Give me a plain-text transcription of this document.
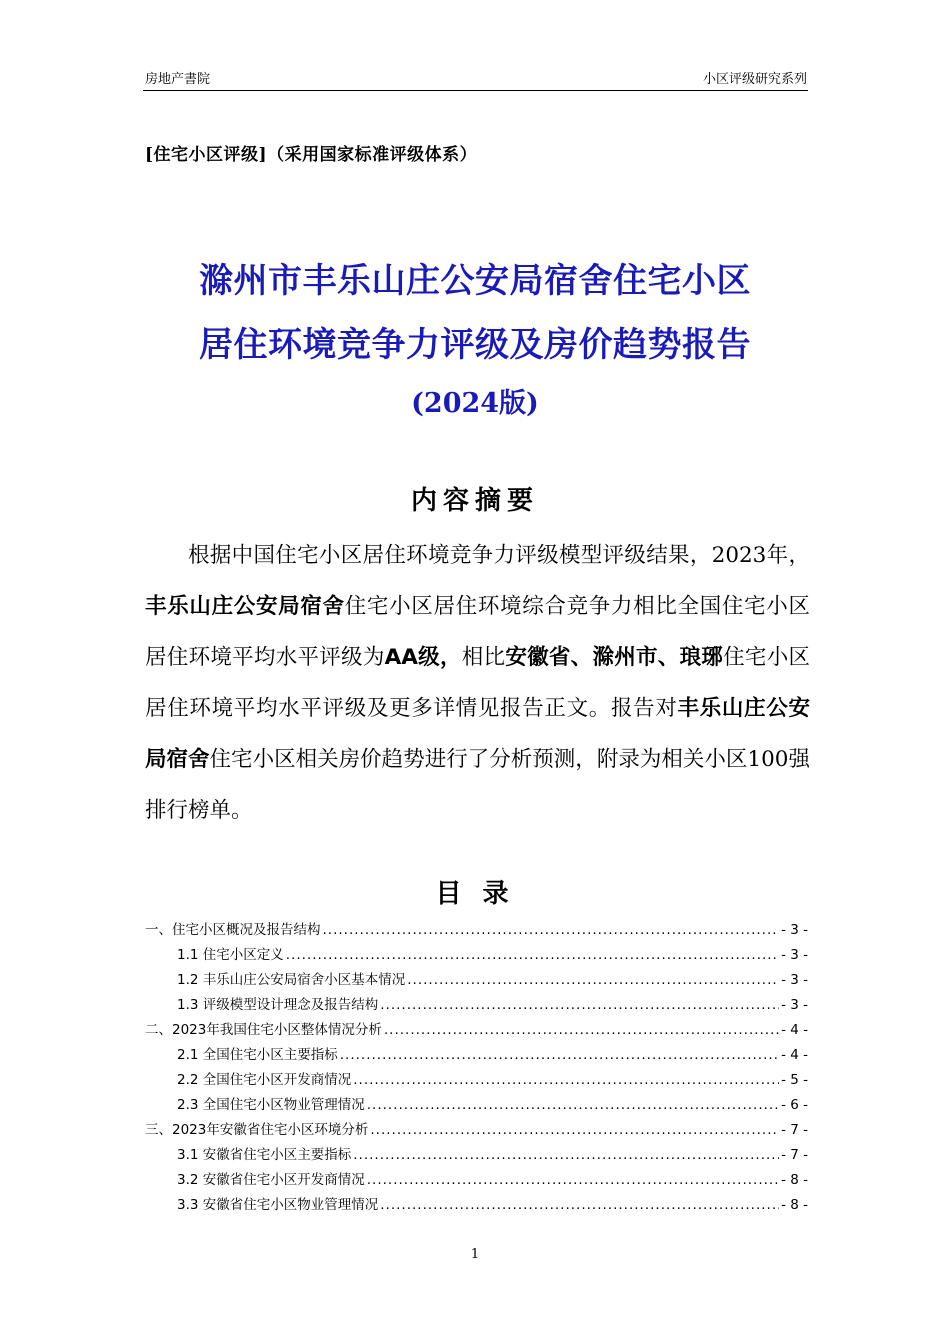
房地产書院	小区评级研究系列
[住宅小区评级]（采用国家标准评级体系）
滁州市丰乐山庄公安局宿舍住宅小区
居住环境竞争力评级及房价趋势报告
(2024版)
内容摘要

根据中国住宅小区居住环境竞争力评级模型评级结果，2023年，丰乐山庄公安局宿舍住宅小区居住环境综合竞争力相比全国住宅小区居住环境平均水平评级为AA级，相比安徽省、滁州市、琅琊住宅小区居住环境平均水平评级及更多详情见报告正文。报告对丰乐山庄公安局宿舍住宅小区相关房价趋势进行了分析预测，附录为相关小区100强排行榜单。

目 录
一、住宅小区概况及报告结构 .....	- 3 -
1.1 住宅小区定义 .....	- 3 -
1.2 丰乐山庄公安局宿舍小区基本情况 .....	- 3 -
1.3 评级模型设计理念及报告结构 .....	- 3 -
二、2023年我国住宅小区整体情况分析 .....	- 4 -
2.1 全国住宅小区主要指标 .....	- 4 -
2.2 全国住宅小区开发商情况 .....	- 5 -
2.3 全国住宅小区物业管理情况 .....	- 6 -
三、2023年安徽省住宅小区环境分析 .....	- 7 -
3.1 安徽省住宅小区主要指标 .....	- 7 -
3.2 安徽省住宅小区开发商情况 .....	- 8 -
3.3 安徽省住宅小区物业管理情况 .....	- 8 -
1
